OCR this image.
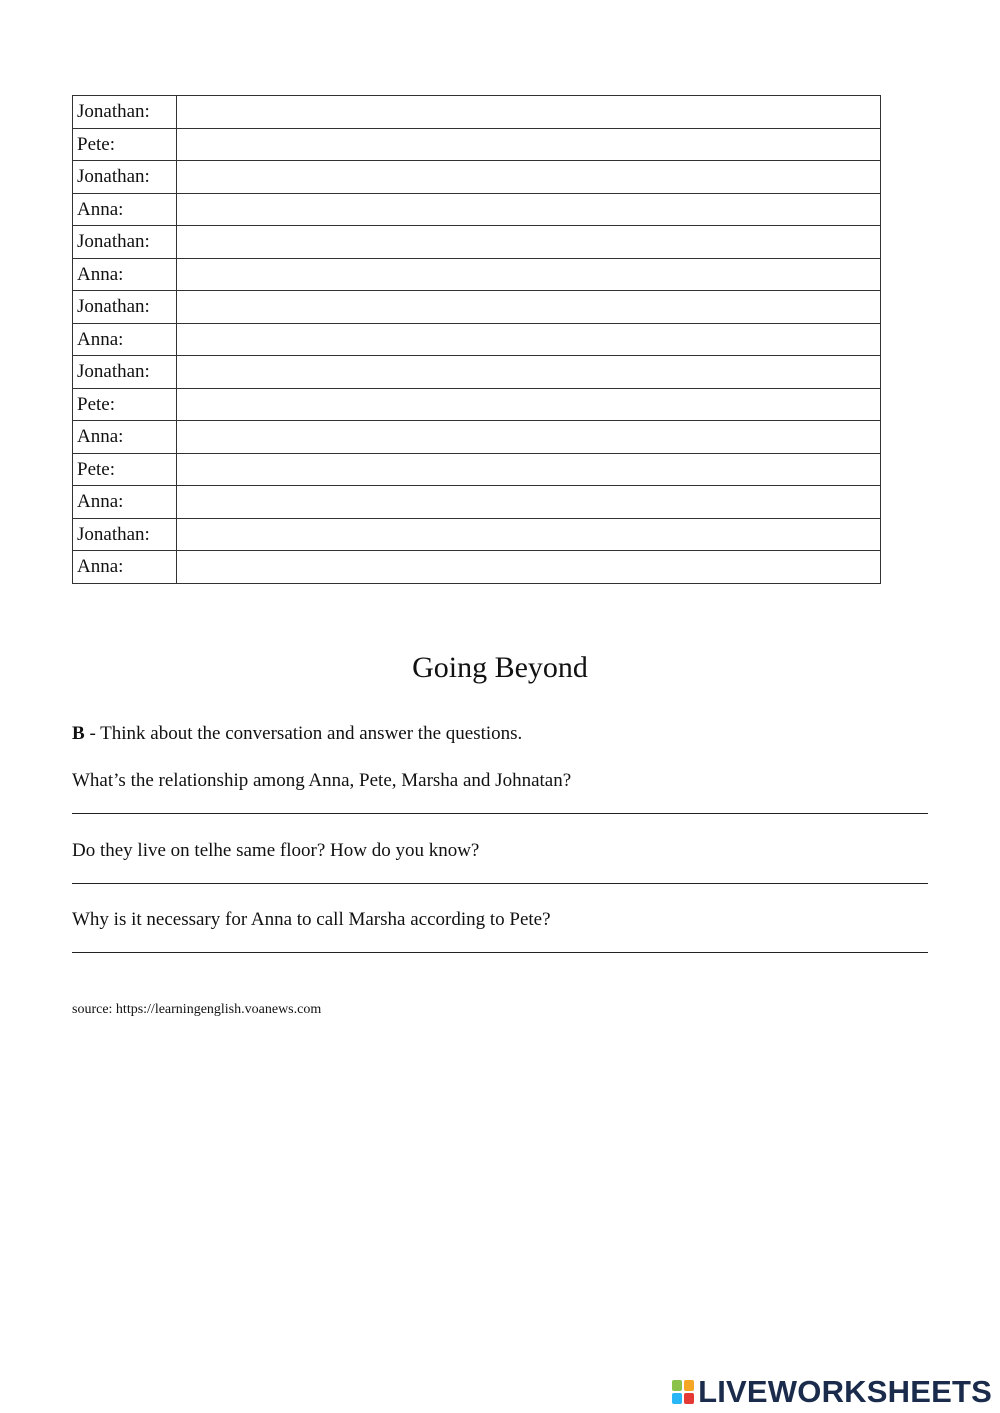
Jonathan:	
Pete:	
Jonathan:	
Anna:	
Jonathan:	
Anna:	
Jonathan:	
Anna:	
Jonathan:	
Pete:	
Anna:	
Pete:	
Anna:	
Jonathan:	
Anna:	
Going Beyond

B - Think about the conversation and answer the questions.

What’s the relationship among Anna, Pete, Marsha and Johnatan?
Do they live on telhe same floor? How do you know?
Why is it necessary for Anna to call Marsha according to Pete?

source: https://learningenglish.voanews.com

LIVEWORKSHEETS
